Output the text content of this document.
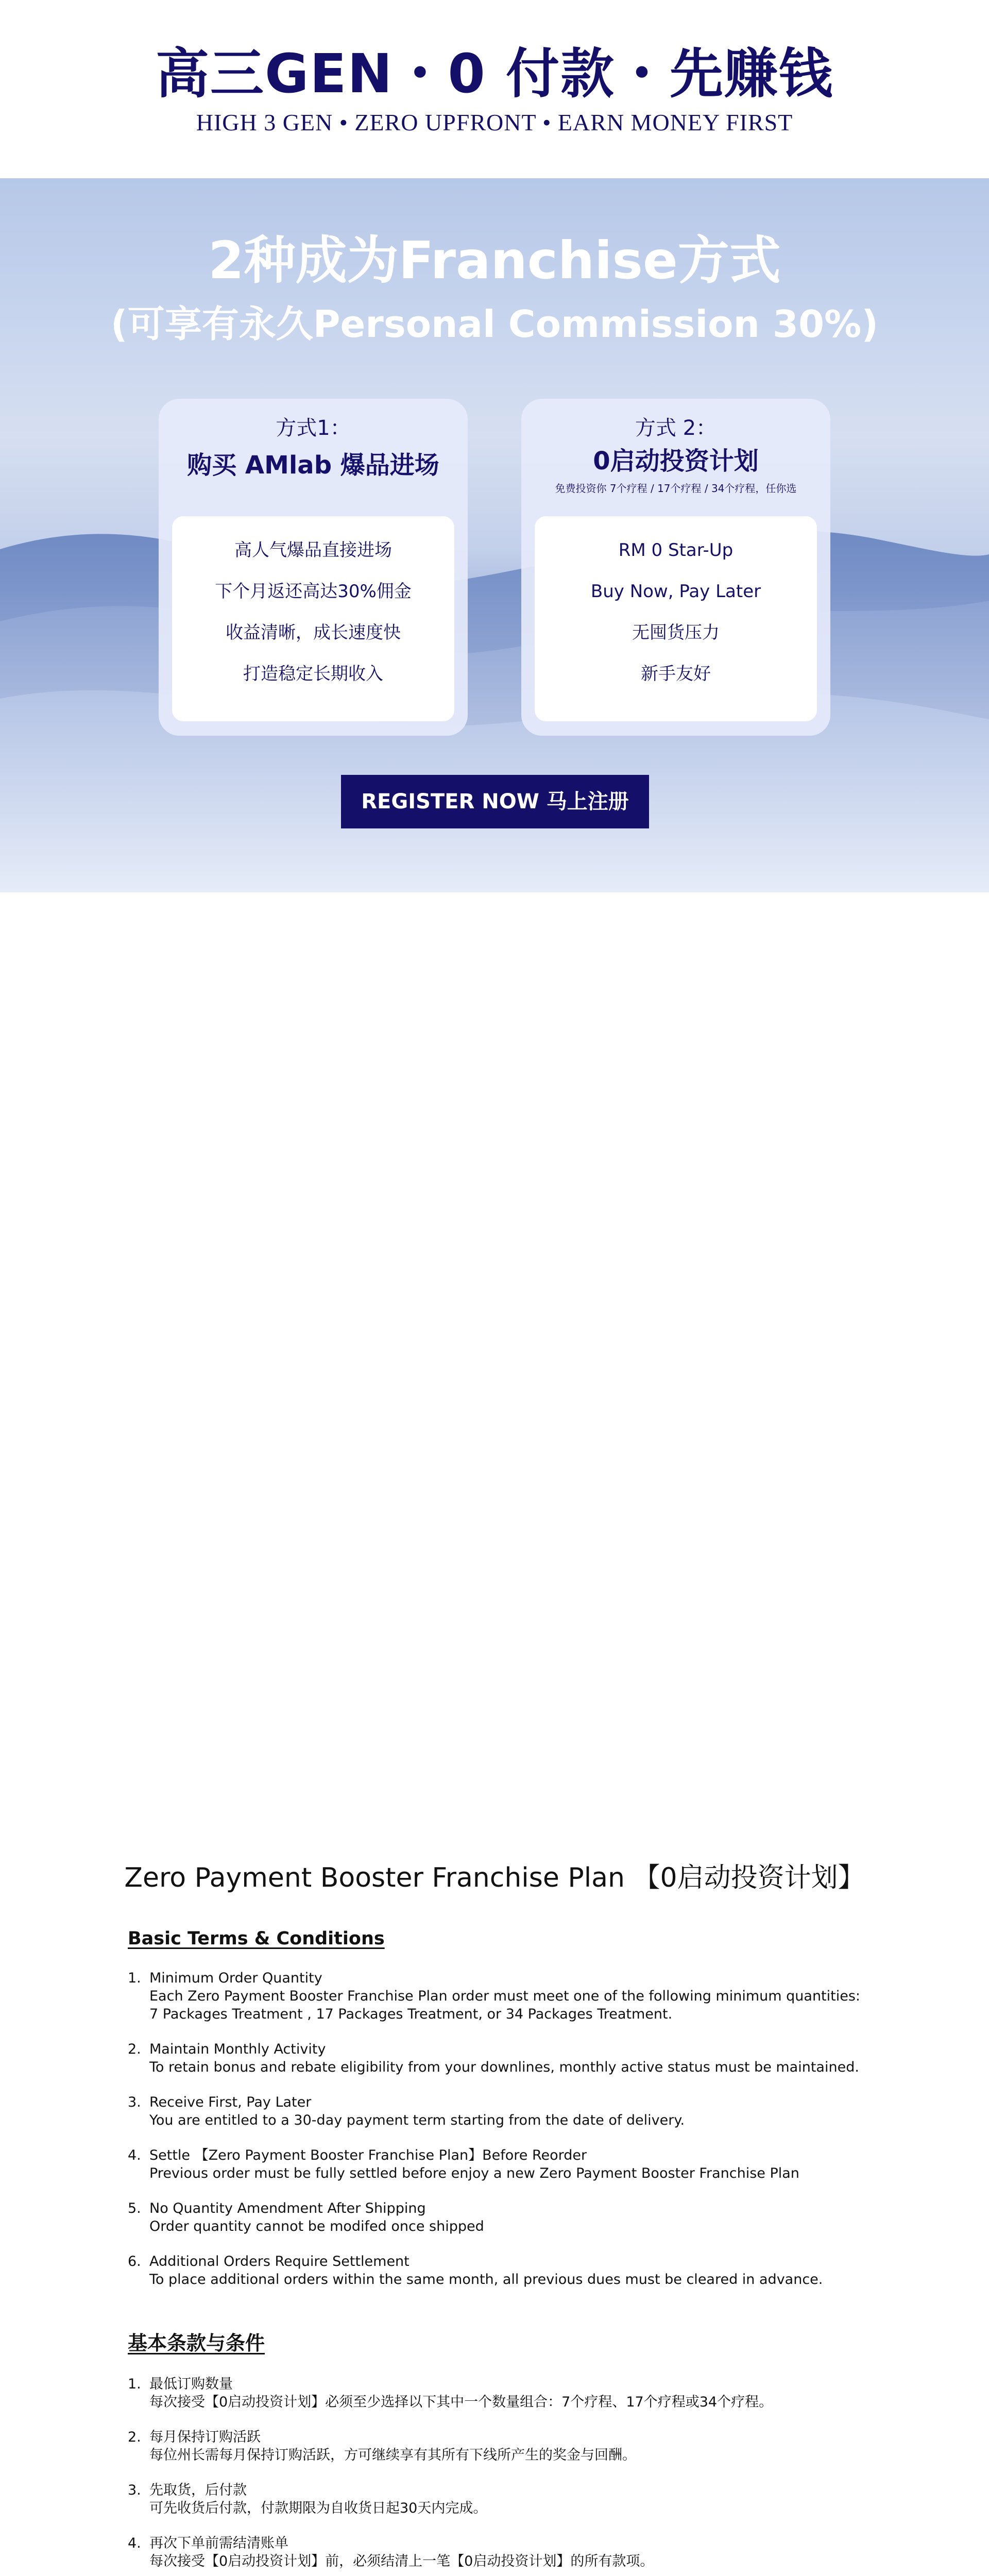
高三GEN・0 付款・先赚钱
HIGH 3 GEN • ZERO UPFRONT • EARN MONEY FIRST
2种成为Franchise方式
(可享有永久Personal Commission 30%)
方式1：
购买 AMlab 爆品进场
高人气爆品直接进场
下个月返还高达30%佣金
收益清晰，成长速度快
打造稳定长期收入
方式 2：
0启动投资计划
免费投资你 7个疗程 / 17个疗程 / 34个疗程，任你选
RM 0 Star-Up
Buy Now, Pay Later
无囤货压力
新手友好
REGISTER NOW 马上注册
Zero Payment Booster Franchise Plan 【0启动投资计划】
Basic Terms & Conditions
1. Minimum Order Quantity
Each Zero Payment Booster Franchise Plan order must meet one of the following minimum quantities:
7 Packages Treatment , 17 Packages Treatment, or 34 Packages Treatment.
2. Maintain Monthly Activity
To retain bonus and rebate eligibility from your downlines, monthly active status must be maintained.
3. Receive First, Pay Later
You are entitled to a 30-day payment term starting from the date of delivery.
4. Settle 【Zero Payment Booster Franchise Plan】Before Reorder
Previous order must be fully settled before enjoy a new Zero Payment Booster Franchise Plan
5. No Quantity Amendment After Shipping
Order quantity cannot be modifed once shipped
6. Additional Orders Require Settlement
To place additional orders within the same month, all previous dues must be cleared in advance.
基本条款与条件
1. 最低订购数量
每次接受【0启动投资计划】必须至少选择以下其中一个数量组合：7个疗程、17个疗程或34个疗程。
2. 每月保持订购活跃
每位州长需每月保持订购活跃，方可继续享有其所有下线所产生的奖金与回酬。
3. 先取货，后付款
可先收货后付款，付款期限为自收货日起30天内完成。
4. 再次下单前需结清账单
每次接受【0启动投资计划】前，必须结清上一笔【0启动投资计划】的所有款项。
